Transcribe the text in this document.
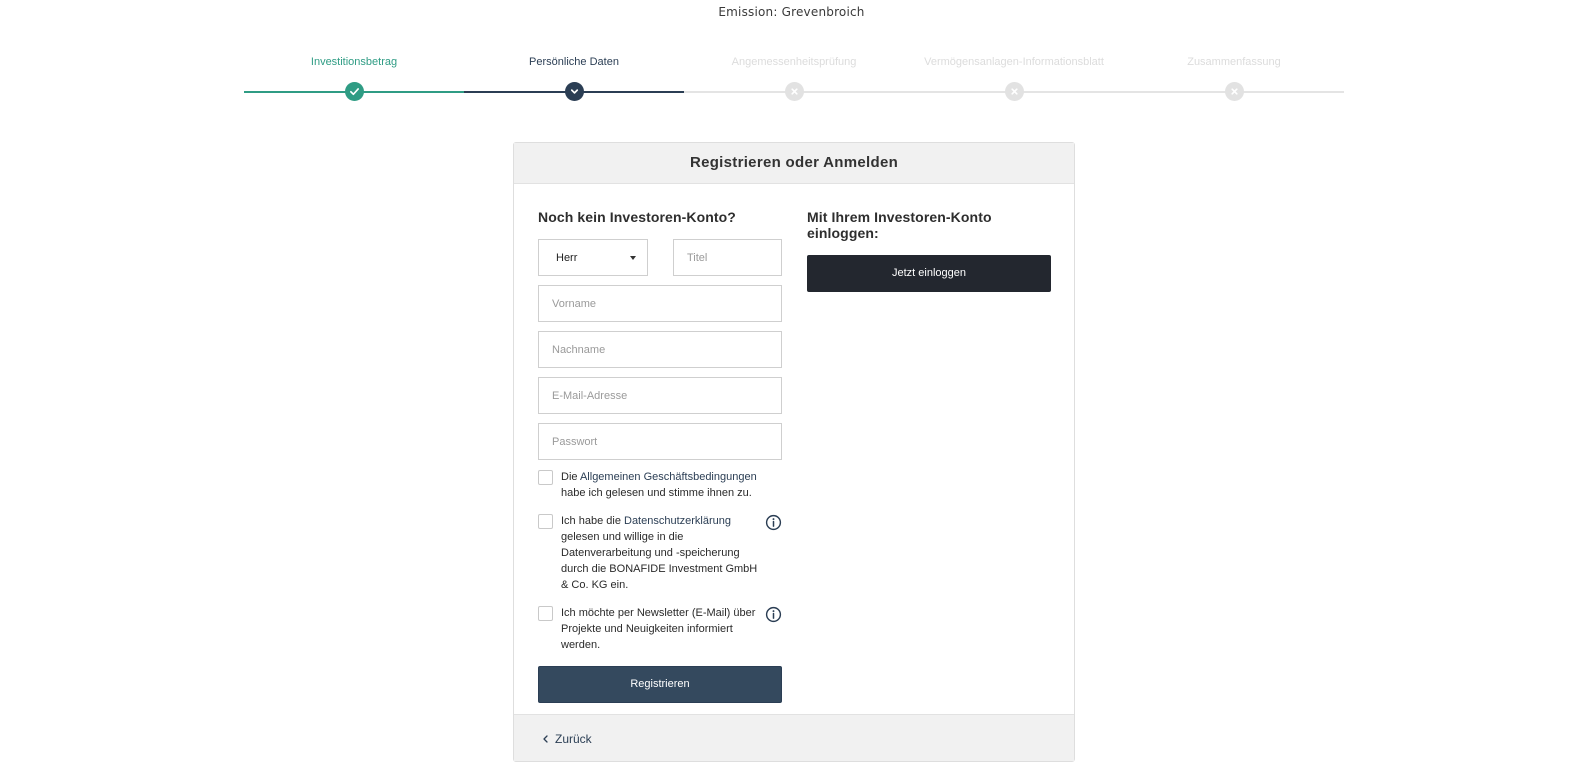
Emission: Grevenbroich
Investitionsbetrag	Persönliche Daten	Angemessenheitsprüfung	Vermögensanlagen-Informationsblatt	Zusammenfassung
Registrieren oder Anmelden
Noch kein Investoren-Konto?
Herr
Titel
Vorname
Nachname
E-Mail-Adresse
Die Allgemeinen Geschäftsbedingungen habe ich gelesen und stimme ihnen zu.
Ich habe die Datenschutzerklärung gelesen und willige in die Datenverarbeitung und -speicherung durch die BONAFIDE Investment GmbH & Co. KG ein.
Ich möchte per Newsletter (E-Mail) über Projekte und Neuigkeiten informiert werden.
Registrieren
Mit Ihrem Investoren-Konto einloggen:
Jetzt einloggen
Zurück
